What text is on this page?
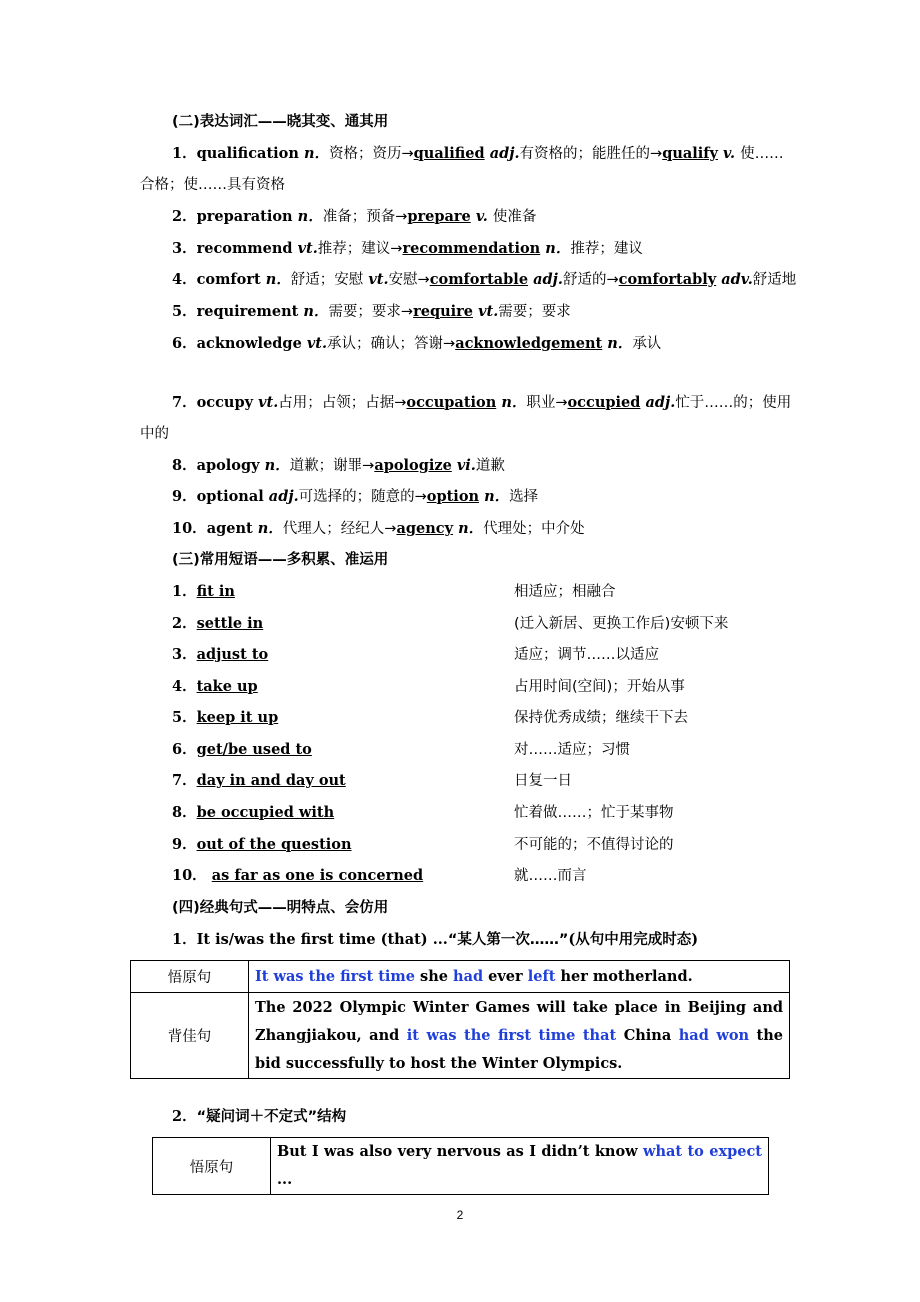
(二)表达词汇——晓其变、通其用
1．qualification n．资格；资历→qualified adj.有资格的；能胜任的→qualify v. 使……
合格；使……具有资格
2．preparation n．准备；预备→prepare v. 使准备
3．recommend vt.推荐；建议→recommendation n．推荐；建议
4．comfort n．舒适；安慰 vt.安慰→comfortable adj.舒适的→comfortably adv.舒适地
5．requirement n．需要；要求→require vt.需要；要求
6．acknowledge vt.承认；确认；答谢→acknowledgement n．承认
7．occupy vt.占用；占领；占据→occupation n．职业→occupied adj.忙于……的；使用
中的
8．apology n．道歉；谢罪→apologize vi.道歉
9．optional adj.可选择的；随意的→option n．选择
10．agent n．代理人；经纪人→agency n．代理处；中介处
(三)常用短语——多积累、准运用
1．fit in	相适应；相融合
2．settle in	(迁入新居、更换工作后)安顿下来
3．adjust to	适应；调节……以适应
4．take up	占用时间(空间)；开始从事
5．keep it up	保持优秀成绩；继续干下去
6．get/be used to	对……适应；习惯
7．day in and day out	日复一日
8．be occupied with	忙着做……；忙于某事物
9．out of the question	不可能的；不值得讨论的
10． as far as one is concerned	就……而言
(四)经典句式——明特点、会仿用
1．It is/was the first time (that) ...“某人第一次……”(从句中用完成时态)
悟原句	It was the first time she had ever left her motherland.
背佳句	The 2022 Olympic Winter Games will take place in Beijing and Zhangjiakou, and it was the first time that China had won the bid successfully to host the Winter Olympics.
2．“疑问词＋不定式”结构
悟原句	But I was also very nervous as I didn’t know what to expect ...
2
